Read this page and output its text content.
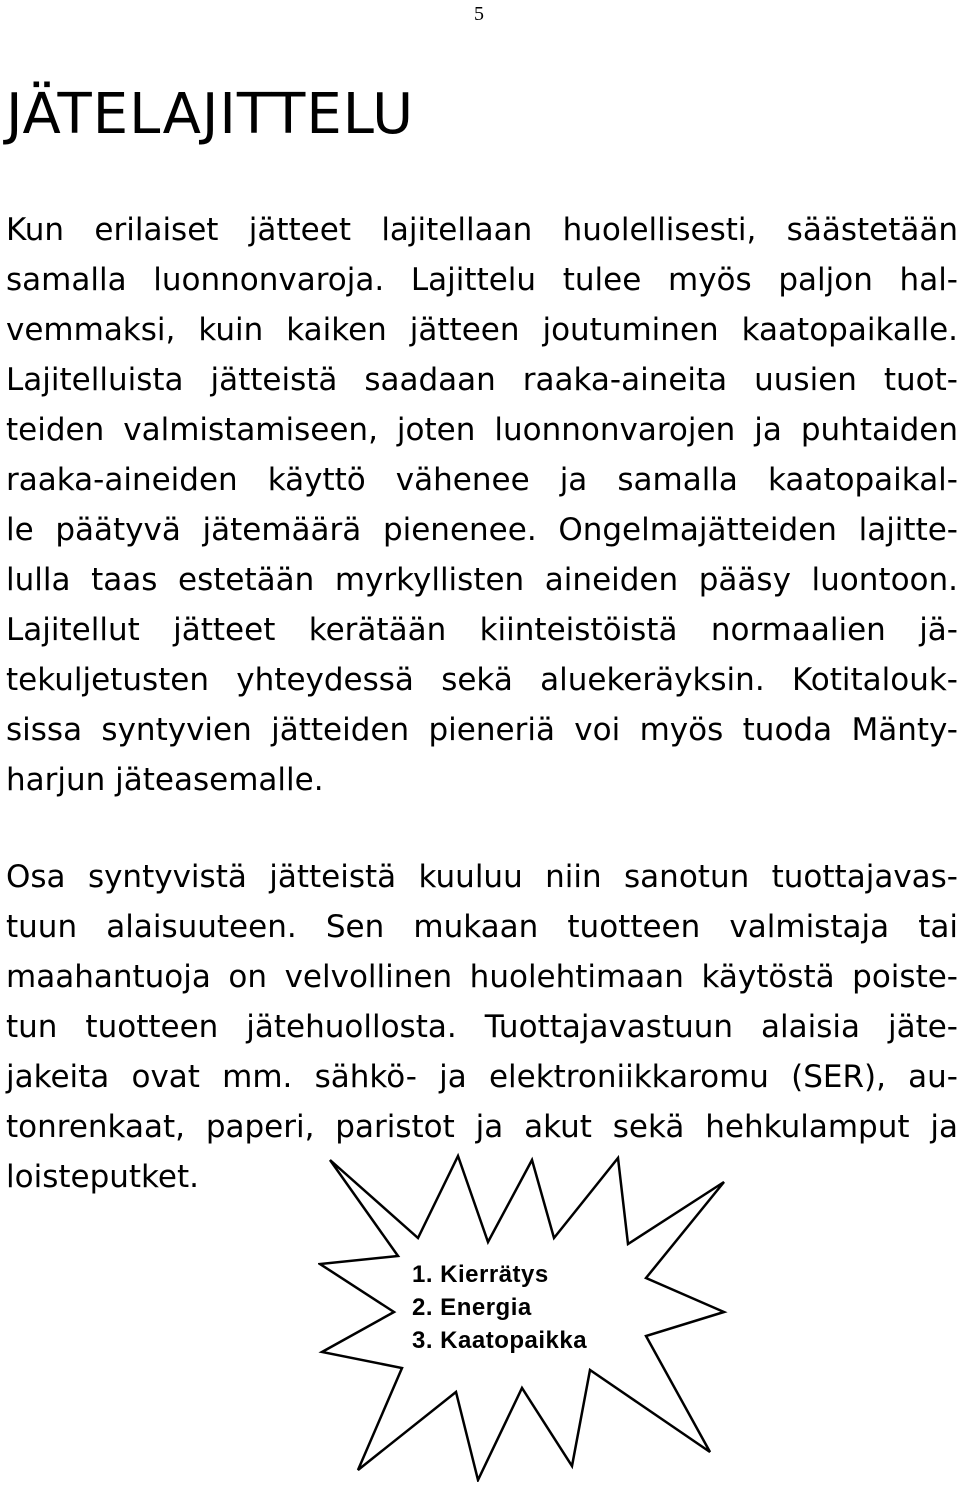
5
JÄTELAJITTELU
Kun erilaiset jätteet lajitellaan huolellisesti, säästetään
samalla luonnonvaroja. Lajittelu tulee myös paljon hal-
vemmaksi, kuin kaiken jätteen joutuminen kaatopaikalle.
Lajitelluista jätteistä saadaan raaka-aineita uusien tuot-
teiden valmistamiseen, joten luonnonvarojen ja puhtaiden
raaka-aineiden käyttö vähenee ja samalla kaatopaikal-
le päätyvä jätemäärä pienenee. Ongelmajätteiden lajitte-
lulla taas estetään myrkyllisten aineiden pääsy luontoon.
Lajitellut jätteet kerätään kiinteistöistä normaalien jä-
tekuljetusten yhteydessä sekä aluekeräyksin. Kotitalouk-
sissa syntyvien jätteiden pieneriä voi myös tuoda Mänty-
harjun jäteasemalle.
Osa syntyvistä jätteistä kuuluu niin sanotun tuottajavas-
tuun alaisuuteen. Sen mukaan tuotteen valmistaja tai
maahantuoja on velvollinen huolehtimaan käytöstä poiste-
tun tuotteen jätehuollosta. Tuottajavastuun alaisia jäte-
jakeita ovat mm. sähkö- ja elektroniikkaromu (SER), au-
tonrenkaat, paperi, paristot ja akut sekä hehkulamput ja
loisteputket.
1. Kierrätys
2. Energia
3. Kaatopaikka
